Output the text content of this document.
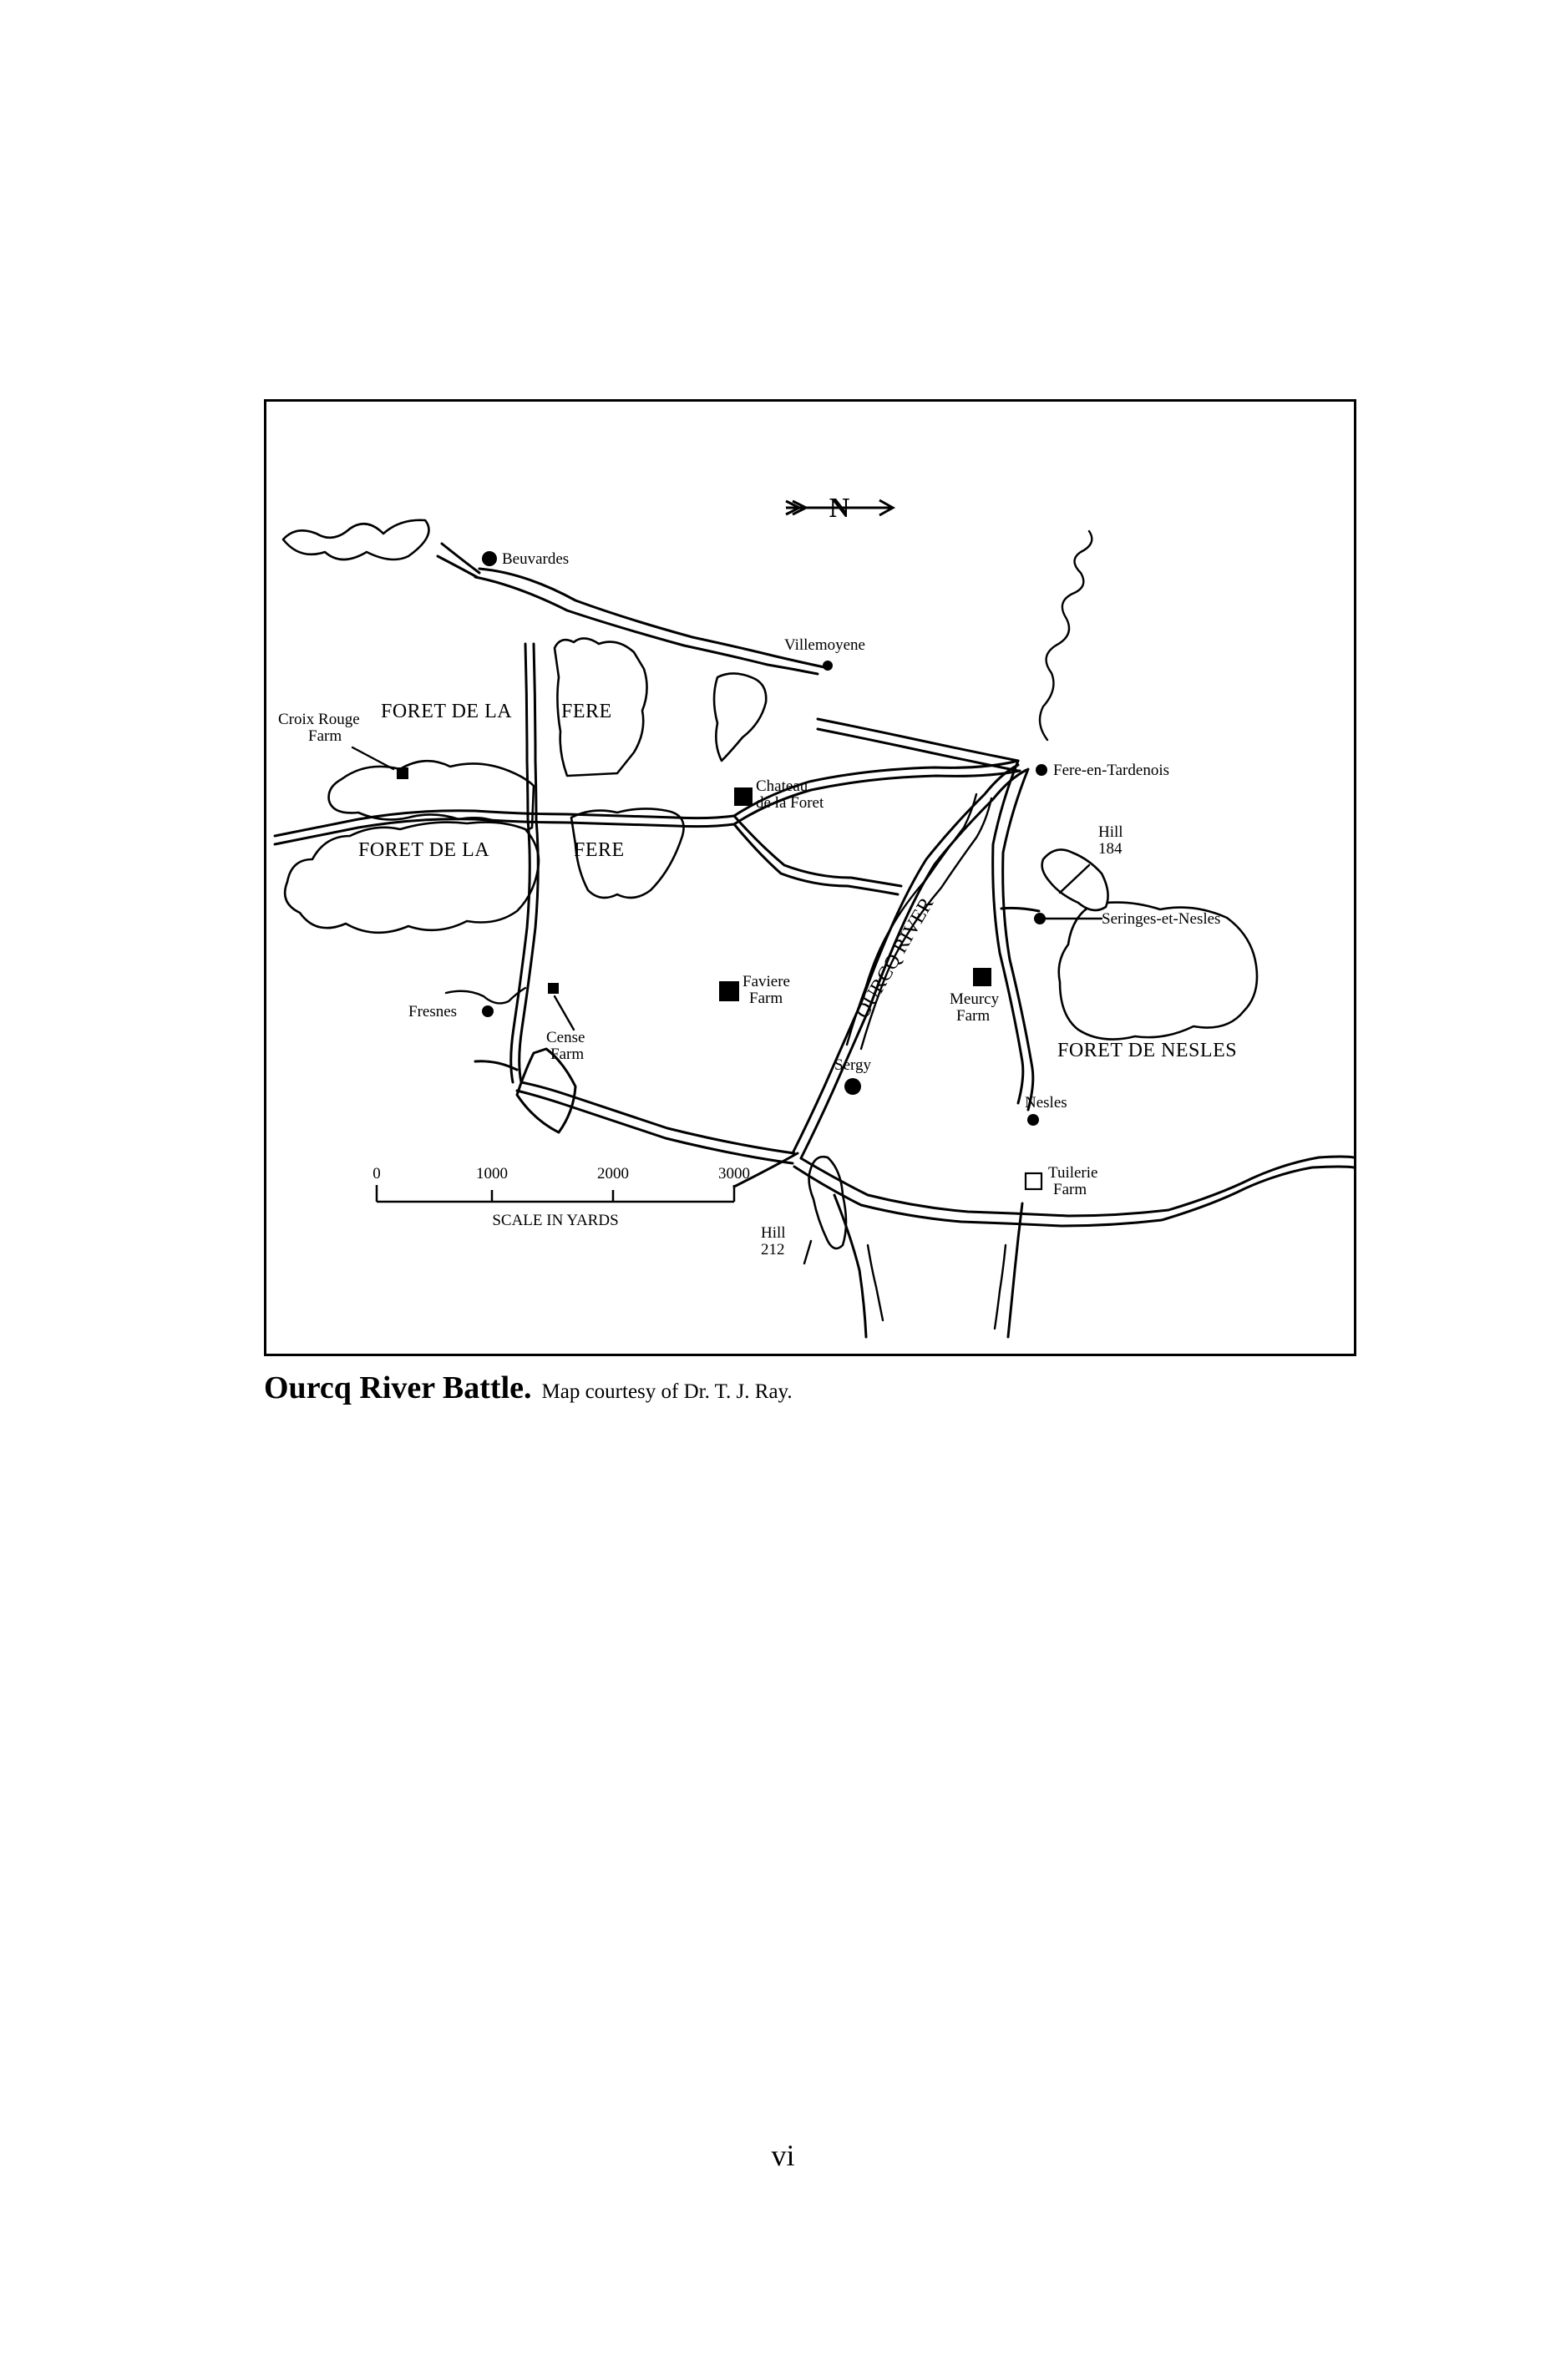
N
Beuvardes
Villemoyene
Croix Rouge
Farm
Chateau
de la Foret
Fere-en-Tardenois
Hill
184
Seringes-et-Nesles
Fresnes
Cense
Farm
Faviere
Farm	Meurcy
Farm
Sergy
Nesles
Tuilerie
Farm
Hill
212
FORET DE LA FERE
FORET DE LA	FERE
FORET DE NESLES
OURCQ RIVER
0	1000	2000	3000
SCALE IN YARDS
Ourcq River Battle. Map courtesy of Dr. T. J. Ray.
vi
